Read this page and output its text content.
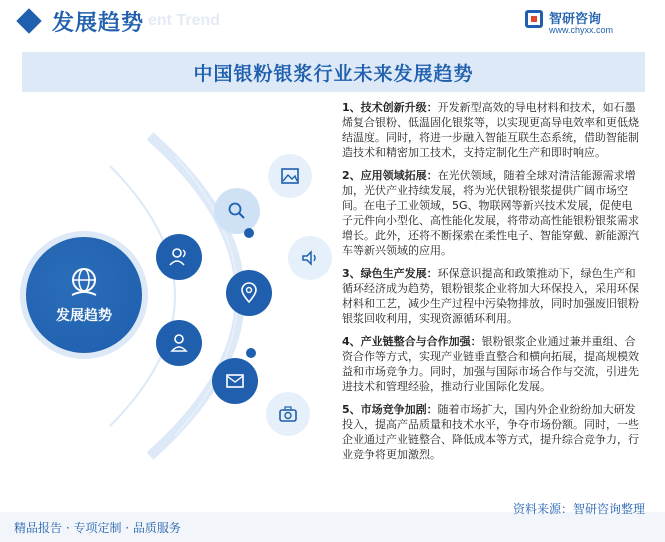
ent Trend
发展趋势	智研咨询
www.chyxx.com
中国银粉银浆行业未来发展趋势
发展趋势
1、技术创新升级：开发新型高效的导电材料和技术，如石墨烯复合银粉、低温固化银浆等，以实现更高导电效率和更低烧结温度。同时，将进一步融入智能互联生态系统，借助智能制造技术和精密加工技术，支持定制化生产和即时响应。
2、应用领域拓展：在光伏领域，随着全球对清洁能源需求增加，光伏产业持续发展，将为光伏银粉银浆提供广阔市场空间。在电子工业领域，5G、物联网等新兴技术发展，促使电子元件向小型化、高性能化发展，将带动高性能银粉银浆需求增长。此外，还将不断探索在柔性电子、智能穿戴、新能源汽车等新兴领域的应用。
3、绿色生产发展：环保意识提高和政策推动下，绿色生产和循环经济成为趋势，银粉银浆企业将加大环保投入，采用环保材料和工艺，减少生产过程中污染物排放，同时加强废旧银粉银浆回收利用，实现资源循环利用。
4、产业链整合与合作加强：银粉银浆企业通过兼并重组、合资合作等方式，实现产业链垂直整合和横向拓展，提高规模效益和市场竞争力。同时，加强与国际市场合作与交流，引进先进技术和管理经验，推动行业国际化发展。
5、市场竞争加剧：随着市场扩大，国内外企业纷纷加大研发投入，提高产品质量和技术水平，争夺市场份额。同时，一些企业通过产业链整合、降低成本等方式，提升综合竞争力，行业竞争将更加激烈。
精品报告 · 专项定制 · 品质服务
资料来源：智研咨询整理
